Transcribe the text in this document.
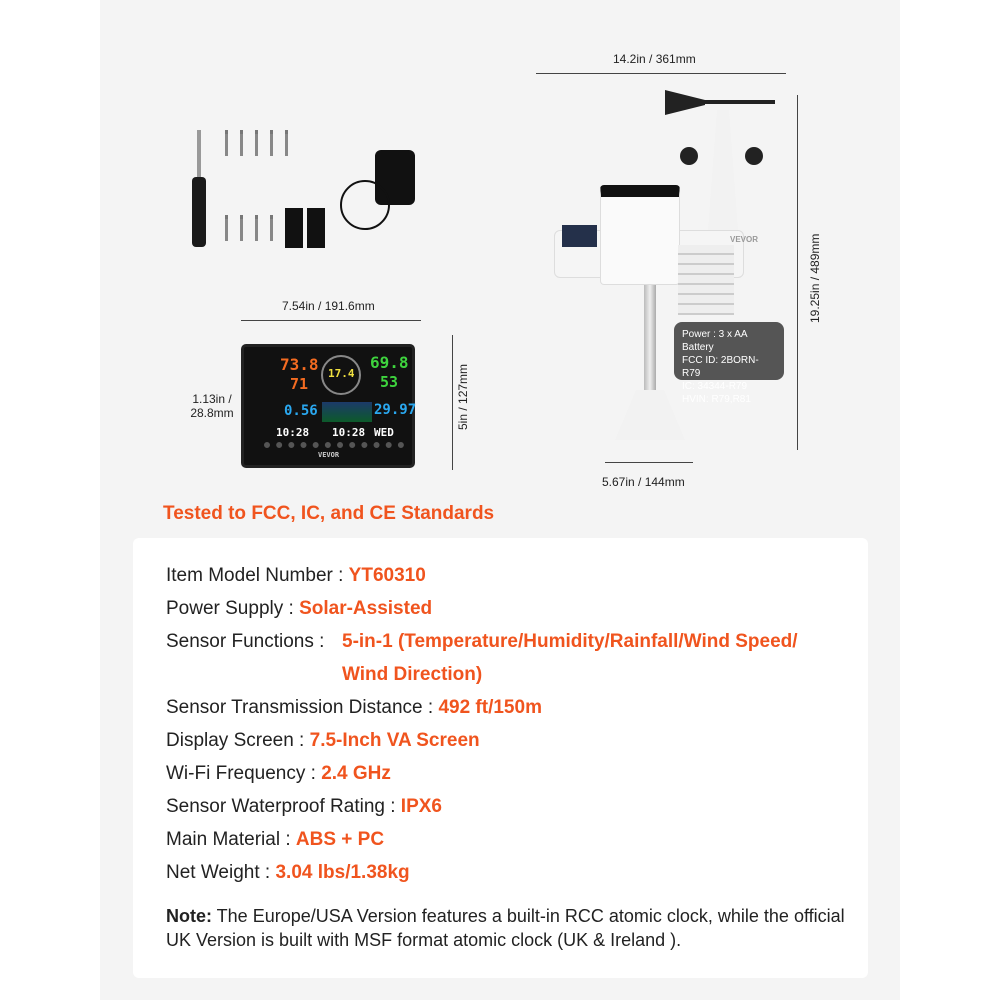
7.54in / 191.6mm
5in / 127mm
1.13in / 28.8mm
73.8
71
17.4
69.8
53
0.56	29.97
10:28 10:28 WED
VEVOR
14.2in / 361mm
19.25in / 489mm
5.67in / 144mm
VEVOR
Power : 3 x AA Battery
FCC ID: 2BORN-R79
IC: 34344-R79
HVIN: R79,R81
Tested to FCC, IC, and CE Standards
Item Model Number : YT60310
Power Supply : Solar-Assisted
Sensor Functions :5-in-1 (Temperature/Humidity/Rainfall/Wind Speed/
Wind Direction)
Sensor Transmission Distance : 492 ft/150m
Display Screen : 7.5-Inch VA Screen
Wi-Fi Frequency : 2.4 GHz
Sensor Waterproof Rating : IPX6
Main Material : ABS + PC
Net Weight : 3.04 lbs/1.38kg
Note: The Europe/USA Version features a built-in RCC atomic clock, while the official UK Version is built with MSF format atomic clock (UK & Ireland ).
